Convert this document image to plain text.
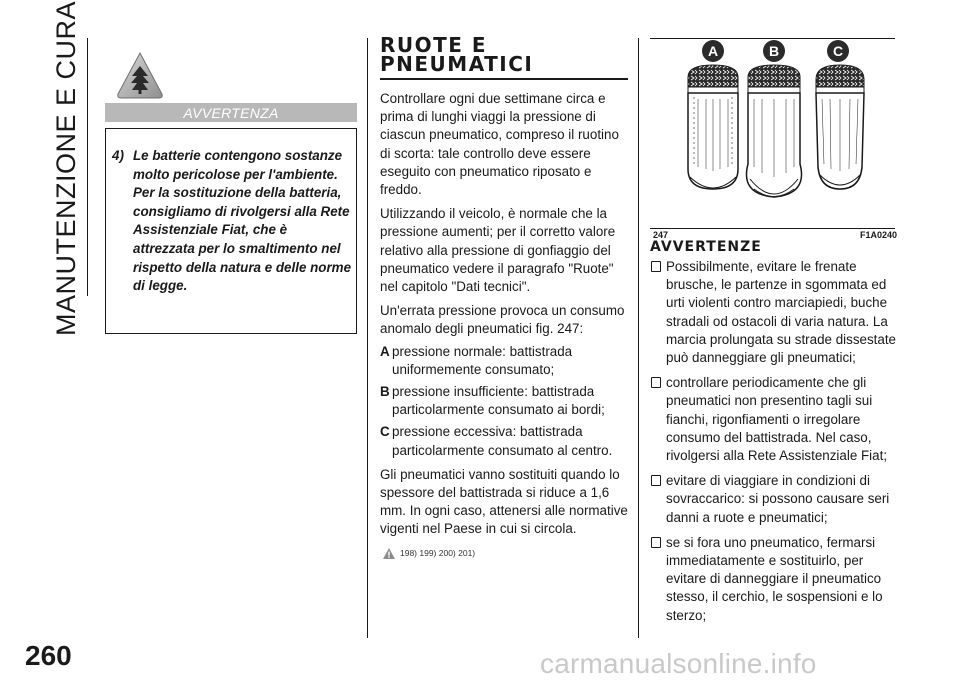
MANUTENZIONE E CURA	AVVERTENZA
4) Le batterie contengono sostanze molto pericolose per l'ambiente. Per la sostituzione della batteria, consigliamo di rivolgersi alla Rete Assistenziale Fiat, che è attrezzata per lo smaltimento nel rispetto della natura e delle norme di legge.
RUOTE E
PNEUMATICI

Controllare ogni due settimane circa e prima di lunghi viaggi la pressione di ciascun pneumatico, compreso il ruotino di scorta: tale controllo deve essere eseguito con pneumatico riposato e freddo.

Utilizzando il veicolo, è normale che la pressione aumenti; per il corretto valore relativo alla pressione di gonfiaggio del pneumatico vedere il paragrafo "Ruote" nel capitolo "Dati tecnici".

Un'errata pressione provoca un consumo anomalo degli pneumatici fig. 247:

A pressione normale: battistrada uniformemente consumato;
B pressione insufficiente: battistrada particolarmente consumato ai bordi;
C pressione eccessiva: battistrada particolarmente consumato al centro.

Gli pneumatici vanno sostituiti quando lo spessore del battistrada si riduce a 1,6 mm. In ogni caso, attenersi alle normative vigenti nel Paese in cui si circola.

198) 199) 200) 201)
A	B	C
247	F1A0240
AVVERTENZE
Possibilmente, evitare le frenate brusche, le partenze in sgommata ed urti violenti contro marciapiedi, buche stradali od ostacoli di varia natura. La marcia prolungata su strade dissestate può danneggiare gli pneumatici;
controllare periodicamente che gli pneumatici non presentino tagli sui fianchi, rigonfiamenti o irregolare consumo del battistrada. Nel caso, rivolgersi alla Rete Assistenziale Fiat;
evitare di viaggiare in condizioni di sovraccarico: si possono causare seri danni a ruote e pneumatici;
se si fora uno pneumatico, fermarsi immediatamente e sostituirlo, per evitare di danneggiare il pneumatico stesso, il cerchio, le sospensioni e lo sterzo;
260	carmanualsonline.info
